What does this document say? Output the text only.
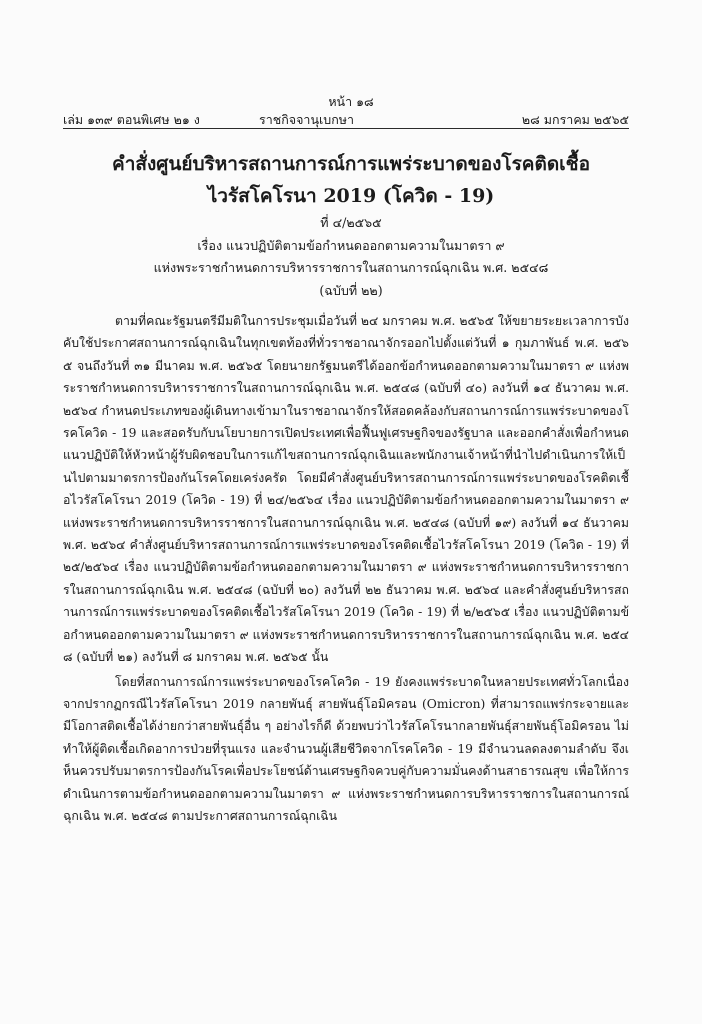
หน้า ๑๘
เล่ม ๑๓๙ ตอนพิเศษ ๒๑ ง	ราชกิจจานุเบกษา	๒๘ มกราคม ๒๕๖๕
คำสั่งศูนย์บริหารสถานการณ์การแพร่ระบาดของโรคติดเชื้อ
ไวรัสโคโรนา 2019 (โควิด - 19)
ที่ ๔/๒๕๖๕
เรื่อง แนวปฏิบัติตามข้อกำหนดออกตามความในมาตรา ๙
แห่งพระราชกำหนดการบริหารราชการในสถานการณ์ฉุกเฉิน พ.ศ. ๒๕๔๘
(ฉบับที่ ๒๒)

ตามที่คณะรัฐมนตรีมีมติในการประชุมเมื่อวันที่ ๒๔ มกราคม พ.ศ. ๒๕๖๕ ให้ขยายระยะเวลาการบังคับใช้ประกาศสถานการณ์ฉุกเฉินในทุกเขตท้องที่ทั่วราชอาณาจักรออกไปตั้งแต่วันที่ ๑ กุมภาพันธ์ พ.ศ. ๒๕๖๕ จนถึงวันที่ ๓๑ มีนาคม พ.ศ. ๒๕๖๕ โดยนายกรัฐมนตรีได้ออกข้อกำหนดออกตามความในมาตรา ๙ แห่งพระราชกำหนดการบริหารราชการในสถานการณ์ฉุกเฉิน พ.ศ. ๒๕๔๘ (ฉบับที่ ๔๐) ลงวันที่ ๑๔ ธันวาคม พ.ศ. ๒๕๖๔ กำหนดประเภทของผู้เดินทางเข้ามาในราชอาณาจักรให้สอดคล้องกับสถานการณ์การแพร่ระบาดของโรคโควิด - 19 และสอดรับกับนโยบายการเปิดประเทศเพื่อฟื้นฟูเศรษฐกิจของรัฐบาล และออกคำสั่งเพื่อกำหนดแนวปฏิบัติให้หัวหน้าผู้รับผิดชอบในการแก้ไขสถานการณ์ฉุกเฉินและพนักงานเจ้าหน้าที่นำไปดำเนินการให้เป็นไปตามมาตรการป้องกันโรคโดยเคร่งครัด โดยมีคำสั่งศูนย์บริหารสถานการณ์การแพร่ระบาดของโรคติดเชื้อไวรัสโคโรนา 2019 (โควิด - 19) ที่ ๒๔/๒๕๖๔ เรื่อง แนวปฏิบัติตามข้อกำหนดออกตามความในมาตรา ๙ แห่งพระราชกำหนดการบริหารราชการในสถานการณ์ฉุกเฉิน พ.ศ. ๒๕๔๘ (ฉบับที่ ๑๙) ลงวันที่ ๑๔ ธันวาคม พ.ศ. ๒๕๖๔ คำสั่งศูนย์บริหารสถานการณ์การแพร่ระบาดของโรคติดเชื้อไวรัสโคโรนา 2019 (โควิด - 19) ที่ ๒๕/๒๕๖๔ เรื่อง แนวปฏิบัติตามข้อกำหนดออกตามความในมาตรา ๙ แห่งพระราชกำหนดการบริหารราชการในสถานการณ์ฉุกเฉิน พ.ศ. ๒๕๔๘ (ฉบับที่ ๒๐) ลงวันที่ ๒๒ ธันวาคม พ.ศ. ๒๕๖๔ และคำสั่งศูนย์บริหารสถานการณ์การแพร่ระบาดของโรคติดเชื้อไวรัสโคโรนา 2019 (โควิด - 19) ที่ ๒/๒๕๖๕ เรื่อง แนวปฏิบัติตามข้อกำหนดออกตามความในมาตรา ๙ แห่งพระราชกำหนดการบริหารราชการในสถานการณ์ฉุกเฉิน พ.ศ. ๒๕๔๘ (ฉบับที่ ๒๑) ลงวันที่ ๘ มกราคม พ.ศ. ๒๕๖๕ นั้น

โดยที่สถานการณ์การแพร่ระบาดของโรคโควิด - 19 ยังคงแพร่ระบาดในหลายประเทศทั่วโลกเนื่องจากปรากฏกรณีไวรัสโคโรนา 2019 กลายพันธุ์ สายพันธุ์โอมิครอน (Omicron) ที่สามารถแพร่กระจายและมีโอกาสติดเชื้อได้ง่ายกว่าสายพันธุ์อื่น ๆ อย่างไรก็ดี ด้วยพบว่าไวรัสโคโรนากลายพันธุ์สายพันธุ์โอมิครอน ไม่ทำให้ผู้ติดเชื้อเกิดอาการป่วยที่รุนแรง และจำนวนผู้เสียชีวิตจากโรคโควิด - 19 มีจำนวนลดลงตามลำดับ จึงเห็นควรปรับมาตรการป้องกันโรคเพื่อประโยชน์ด้านเศรษฐกิจควบคู่กับความมั่นคงด้านสาธารณสุข เพื่อให้การดำเนินการตามข้อกำหนดออกตามความในมาตรา ๙ แห่งพระราชกำหนดการบริหารราชการในสถานการณ์ฉุกเฉิน พ.ศ. ๒๕๔๘ ตามประกาศสถานการณ์ฉุกเฉิน
